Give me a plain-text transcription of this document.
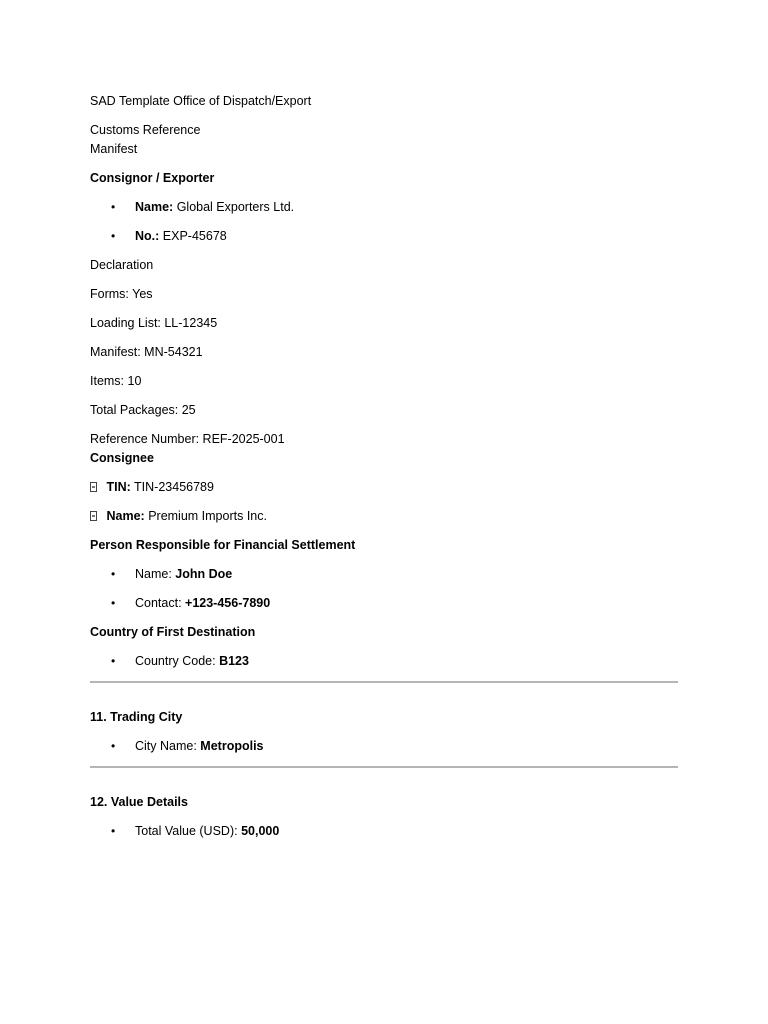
SAD Template Office of Dispatch/Export

Customs Reference

Manifest

Consignor / Exporter

• Name: Global Exporters Ltd.
• No.: EXP-45678

Declaration

Forms: Yes

Loading List: LL-12345

Manifest: MN-54321

Items: 10

Total Packages: 25

Reference Number: REF-2025-001

Consignee

TIN: TIN-23456789
Name: Premium Imports Inc.

Person Responsible for Financial Settlement

• Name: John Doe
• Contact: +123-456-7890

Country of First Destination

• Country Code: B123

11. Trading City

• City Name: Metropolis

12. Value Details

• Total Value (USD): 50,000
